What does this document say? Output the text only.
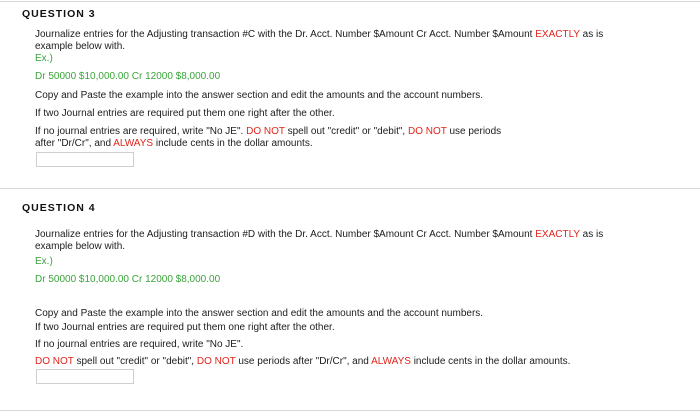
QUESTION 3
Journalize entries for the Adjusting transaction #C with the Dr. Acct. Number $Amount Cr Acct. Number $Amount EXACTLY as is
example below with.
Ex.)
Dr 50000 $10,000.00 Cr 12000 $8,000.00
Copy and Paste the example into the answer section and edit the amounts and the account numbers.
If two Journal entries are required put them one right after the other.
If no journal entries are required, write "No JE". DO NOT spell out "credit" or "debit", DO NOT use periods
after "Dr/Cr", and ALWAYS include cents in the dollar amounts.
QUESTION 4
Journalize entries for the Adjusting transaction #D with the Dr. Acct. Number $Amount Cr Acct. Number $Amount EXACTLY as is
example below with.
Ex.)
Dr 50000 $10,000.00 Cr 12000 $8,000.00
Copy and Paste the example into the answer section and edit the amounts and the account numbers.
If two Journal entries are required put them one right after the other.
If no journal entries are required, write "No JE".
DO NOT spell out "credit" or "debit", DO NOT use periods after "Dr/Cr", and ALWAYS include cents in the dollar amounts.
